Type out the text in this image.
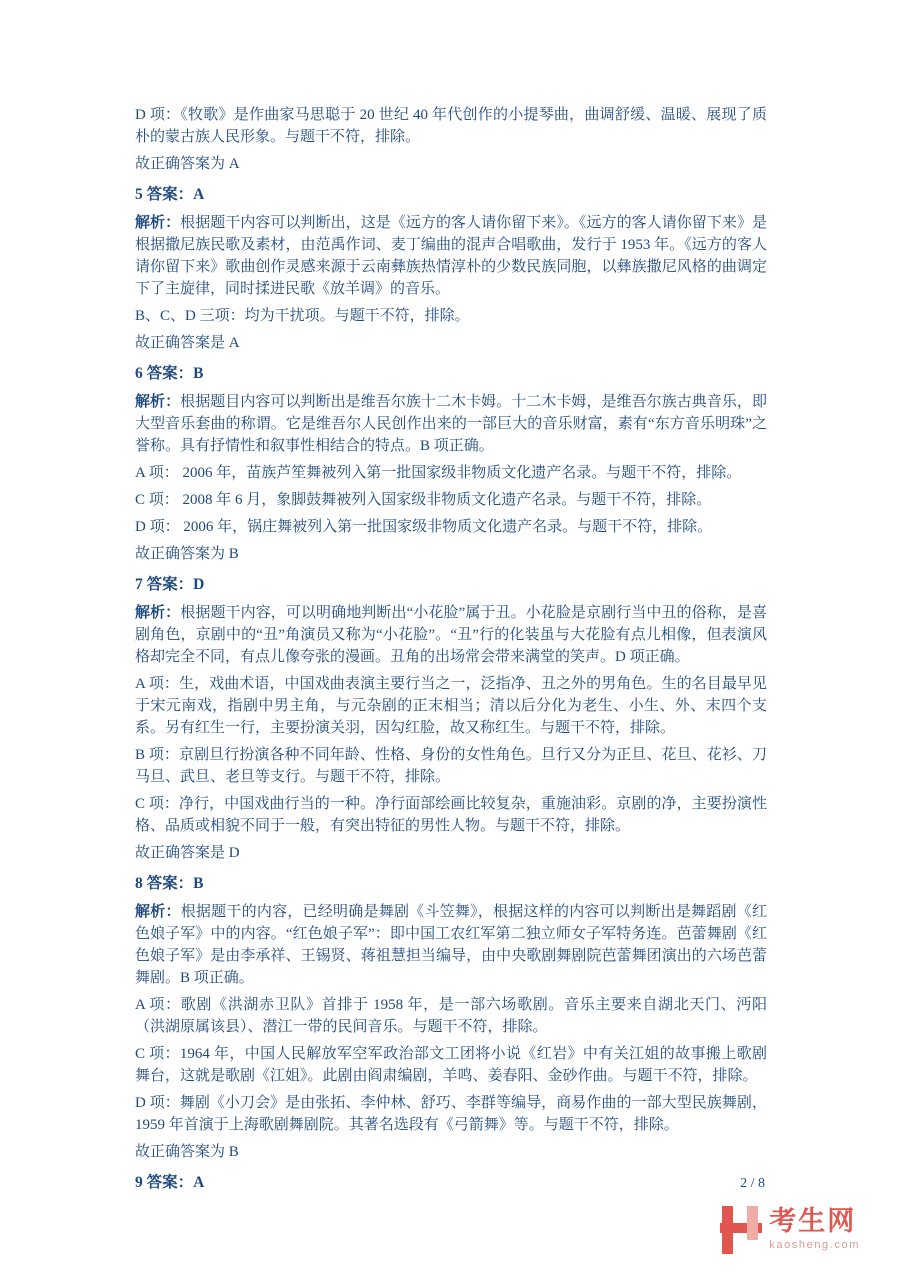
D 项：《牧歌》是作曲家马思聪于 20 世纪 40 年代创作的小提琴曲，曲调舒缓、温暖、展现了质朴的蒙古族人民形象。与题干不符，排除。

故正确答案为 A

5 答案：A

解析：根据题干内容可以判断出，这是《远方的客人请你留下来》。《远方的客人请你留下来》是根据撒尼族民歌及素材，由范禹作词、麦丁编曲的混声合唱歌曲，发行于 1953 年。《远方的客人请你留下来》歌曲创作灵感来源于云南彝族热情淳朴的少数民族同胞，以彝族撒尼风格的曲调定下了主旋律，同时揉进民歌《放羊调》的音乐。

B、C、D 三项：均为干扰项。与题干不符，排除。

故正确答案是 A

6 答案：B

解析：根据题目内容可以判断出是维吾尔族十二木卡姆。十二木卡姆，是维吾尔族古典音乐，即大型音乐套曲的称谓。它是维吾尔人民创作出来的一部巨大的音乐财富，素有“东方音乐明珠”之誉称。具有抒情性和叙事性相结合的特点。B 项正确。

A 项： 2006 年，苗族芦笙舞被列入第一批国家级非物质文化遗产名录。与题干不符，排除。

C 项： 2008 年 6 月，象脚鼓舞被列入国家级非物质文化遗产名录。与题干不符，排除。

D 项： 2006 年，锅庄舞被列入第一批国家级非物质文化遗产名录。与题干不符，排除。

故正确答案为 B

7 答案：D

解析：根据题干内容，可以明确地判断出“小花脸”属于丑。小花脸是京剧行当中丑的俗称，是喜剧角色，京剧中的“丑”角演员又称为“小花脸”。“丑”行的化装虽与大花脸有点儿相像，但表演风格却完全不同，有点儿像夸张的漫画。丑角的出场常会带来满堂的笑声。D 项正确。

A 项：生，戏曲术语，中国戏曲表演主要行当之一，泛指净、丑之外的男角色。生的名目最早见于宋元南戏，指剧中男主角，与元杂剧的正末相当；清以后分化为老生、小生、外、末四个支系。另有红生一行，主要扮演关羽，因勾红脸，故又称红生。与题干不符，排除。

B 项：京剧旦行扮演各种不同年龄、性格、身份的女性角色。旦行又分为正旦、花旦、花衫、刀马旦、武旦、老旦等支行。与题干不符，排除。

C 项：净行，中国戏曲行当的一种。净行面部绘画比较复杂，重施油彩。京剧的净，主要扮演性格、品质或相貌不同于一般，有突出特征的男性人物。与题干不符，排除。

故正确答案是 D

8 答案：B

解析：根据题干的内容，已经明确是舞剧《斗笠舞》，根据这样的内容可以判断出是舞蹈剧《红色娘子军》中的内容。“红色娘子军”：即中国工农红军第二独立师女子军特务连。芭蕾舞剧《红色娘子军》是由李承祥、王锡贤、蒋祖慧担当编导，由中央歌剧舞剧院芭蕾舞团演出的六场芭蕾舞剧。B 项正确。

A 项：歌剧《洪湖赤卫队》首排于 1958 年，是一部六场歌剧。音乐主要来自湖北天门、沔阳（洪湖原属该县）、潜江一带的民间音乐。与题干不符，排除。

C 项：1964 年，中国人民解放军空军政治部文工团将小说《红岩》中有关江姐的故事搬上歌剧舞台，这就是歌剧《江姐》。此剧由阎肃编剧，羊鸣、姜春阳、金砂作曲。与题干不符，排除。

D 项：舞剧《小刀会》是由张拓、李仲林、舒巧、李群等编导，商易作曲的一部大型民族舞剧， 1959 年首演于上海歌剧舞剧院。其著名选段有《弓箭舞》等。与题干不符，排除。

故正确答案为 B

9 答案：A	2 / 8
考生网
kaosheng.com
